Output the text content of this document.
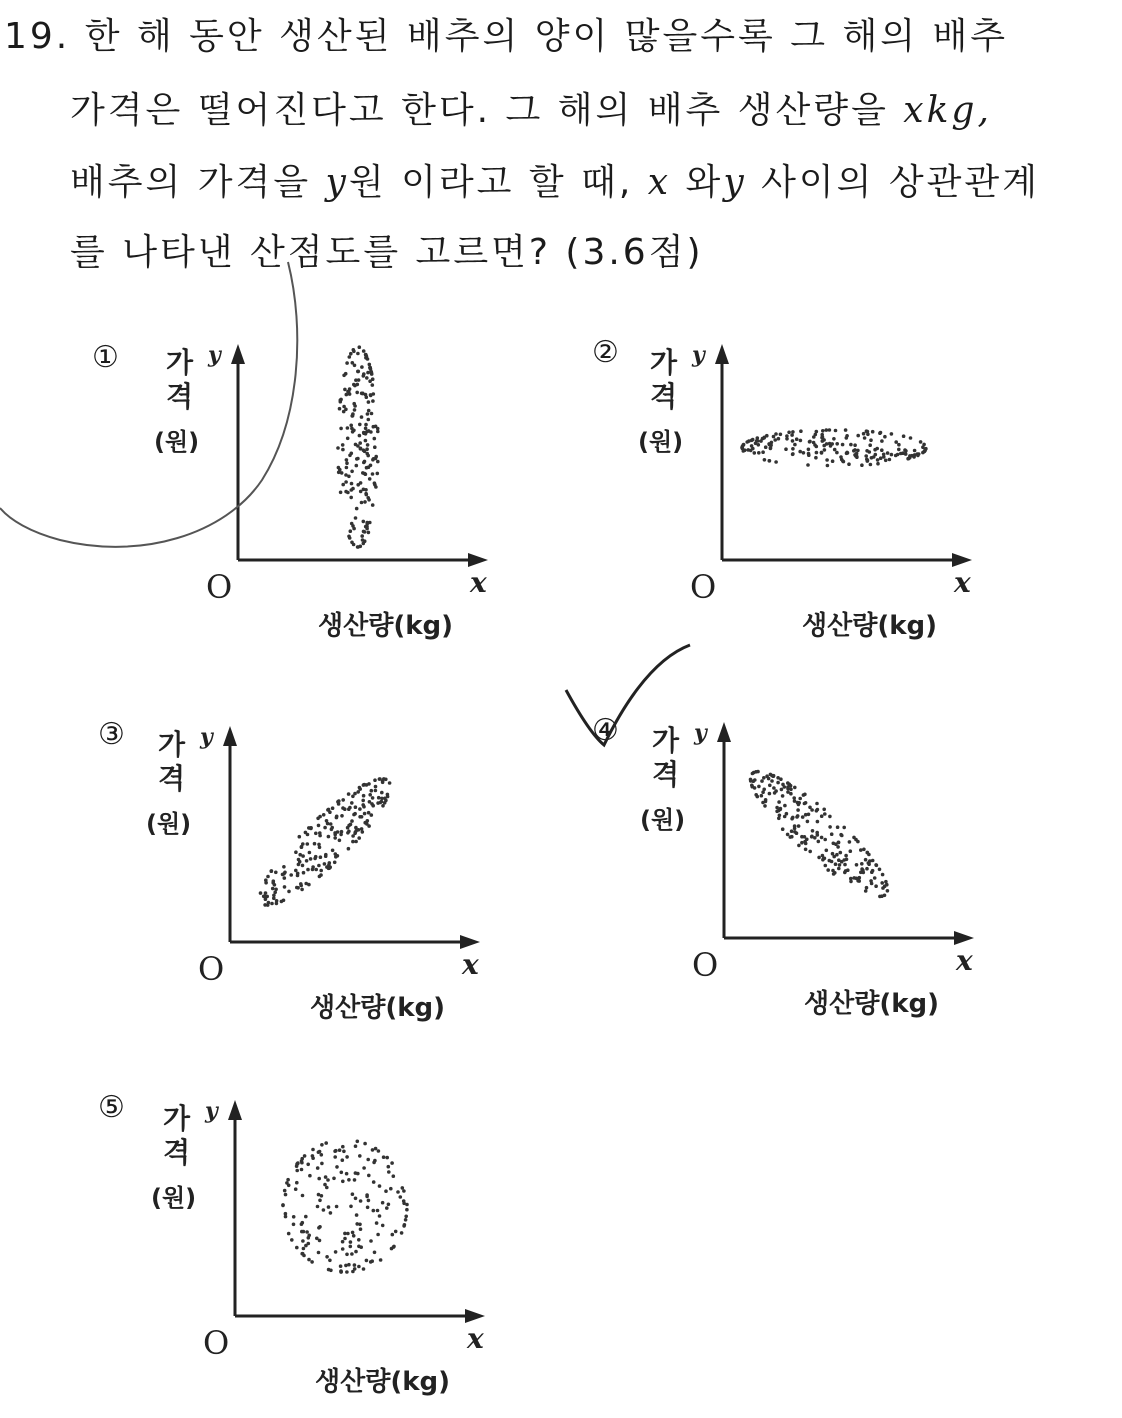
19. 한 해 동안 생산된 배추의 양이 많을수록 그 해의 배추
가격은 떨어진다고 한다. 그 해의 배추 생산량을 xkg,
배추의 가격을 y원 이라고 할 때, x 와y 사이의 상관관계
를 나타낸 산점도를 고르면? (3.6점)
① 가
격
(원)
y
O	x
생산량(kg)
② 가
격
(원)
y
O	x
생산량(kg)
③ 가
격
(원)
y
O	x
생산량(kg)
④ 가
격
(원)
y
O	x
생산량(kg)
⑤ 가
격
(원)
y
O	x
생산량(kg)
